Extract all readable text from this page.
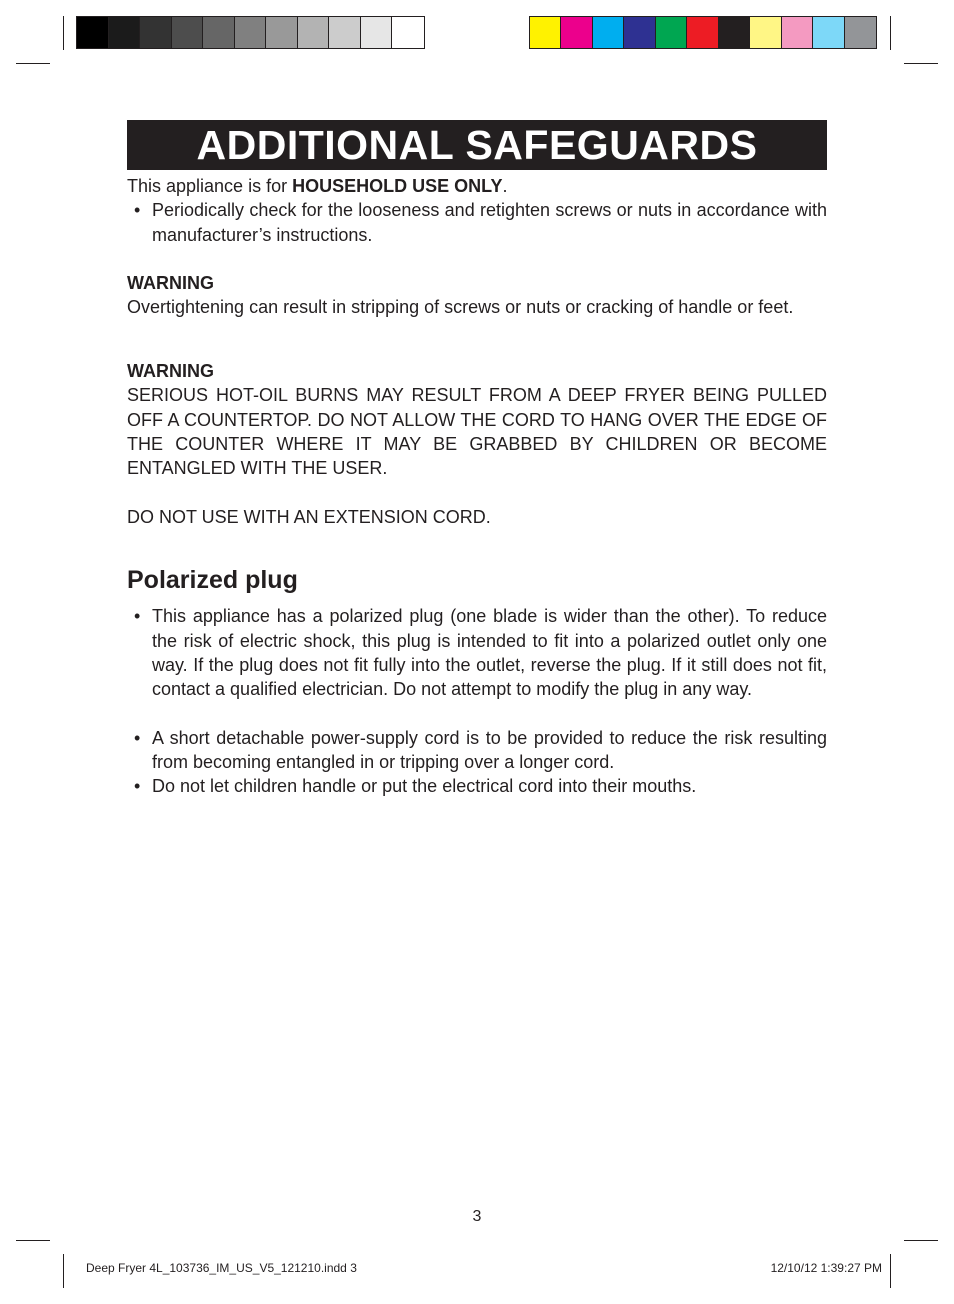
ADDITIONAL SAFEGUARDS

This appliance is for HOUSEHOLD USE ONLY.

• Periodically check for the looseness and retighten screws or nuts in accordance with manufacturer’s instructions.

WARNING

Overtightening can result in stripping of screws or nuts or cracking of handle or feet.

WARNING

SERIOUS HOT-OIL BURNS MAY RESULT FROM A DEEP FRYER BEING PULLED OFF A COUNTERTOP. DO NOT ALLOW THE CORD TO HANG OVER THE EDGE OF THE COUNTER WHERE IT MAY BE GRABBED BY CHILDREN OR BECOME ENTANGLED WITH THE USER.

DO NOT USE WITH AN EXTENSION CORD.

Polarized plug
• This appliance has a polarized plug (one blade is wider than the other). To reduce the risk of electric shock, this plug is intended to fit into a polarized outlet only one way. If the plug does not fit fully into the outlet, reverse the plug. If it still does not fit, contact a qualified electrician. Do not attempt to modify the plug in any way.
• A short detachable power-supply cord is to be provided to reduce the risk resulting from becoming entangled in or tripping over a longer cord.
• Do not let children handle or put the electrical cord into their mouths.
3
Deep Fryer 4L_103736_IM_US_V5_121210.indd 3	12/10/12 1:39:27 PM
